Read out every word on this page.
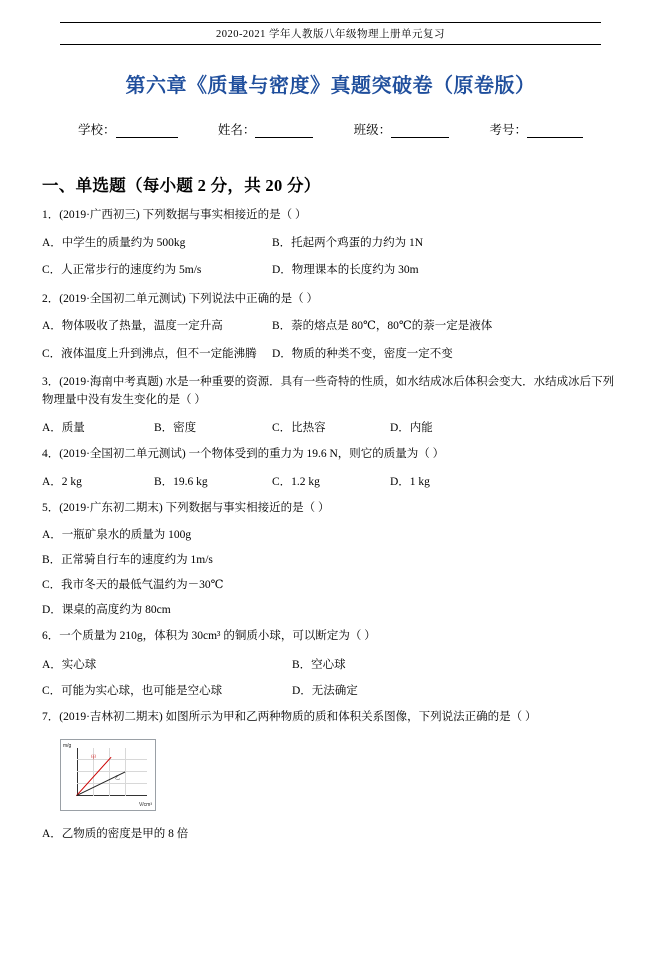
2020-2021 学年人教版八年级物理上册单元复习
第六章《质量与密度》真题突破卷（原卷版）
学校：	姓名：	班级：	考号：
一、单选题（每小题 2 分，共 20 分）
1．(2019·广西初三) 下列数据与事实相接近的是（ ）
A．中学生的质量约为 500kg	B．托起两个鸡蛋的力约为 1N
C．人正常步行的速度约为 5m/s	D．物理课本的长度约为 30m
2．(2019·全国初二单元测试) 下列说法中正确的是（ ）
A．物体吸收了热量，温度一定升高	B．萘的熔点是 80℃，80℃的萘一定是液体
C．液体温度上升到沸点，但不一定能沸腾	D．物质的种类不变，密度一定不变
3．(2019·海南中考真题) 水是一种重要的资源．具有一些奇特的性质，如水结成冰后体积会变大．水结成冰后下列物理量中没有发生变化的是（ ）
A．质量	B．密度	C．比热容	D．内能
4．(2019·全国初二单元测试) 一个物体受到的重力为 19.6 N，则它的质量为（ ）
A．2 kg	B．19.6 kg	C．1.2 kg	D．1 kg
5．(2019·广东初二期末) 下列数据与事实相接近的是（ ）
A．一瓶矿泉水的质量为 100g
B．正常骑自行车的速度约为 1m/s
C．我市冬天的最低气温约为－30℃
D．课桌的高度约为 80cm
6．一个质量为 210g，体积为 30cm³ 的铜质小球，可以断定为（ ）
A．实心球	B．空心球
C．可能为实心球，也可能是空心球	D．无法确定
7．(2019·吉林初二期末) 如图所示为甲和乙两种物质的质和体积关系图像，下列说法正确的是（ ）
m/g
V/cm³
甲
乙
A．乙物质的密度是甲的 8 倍
